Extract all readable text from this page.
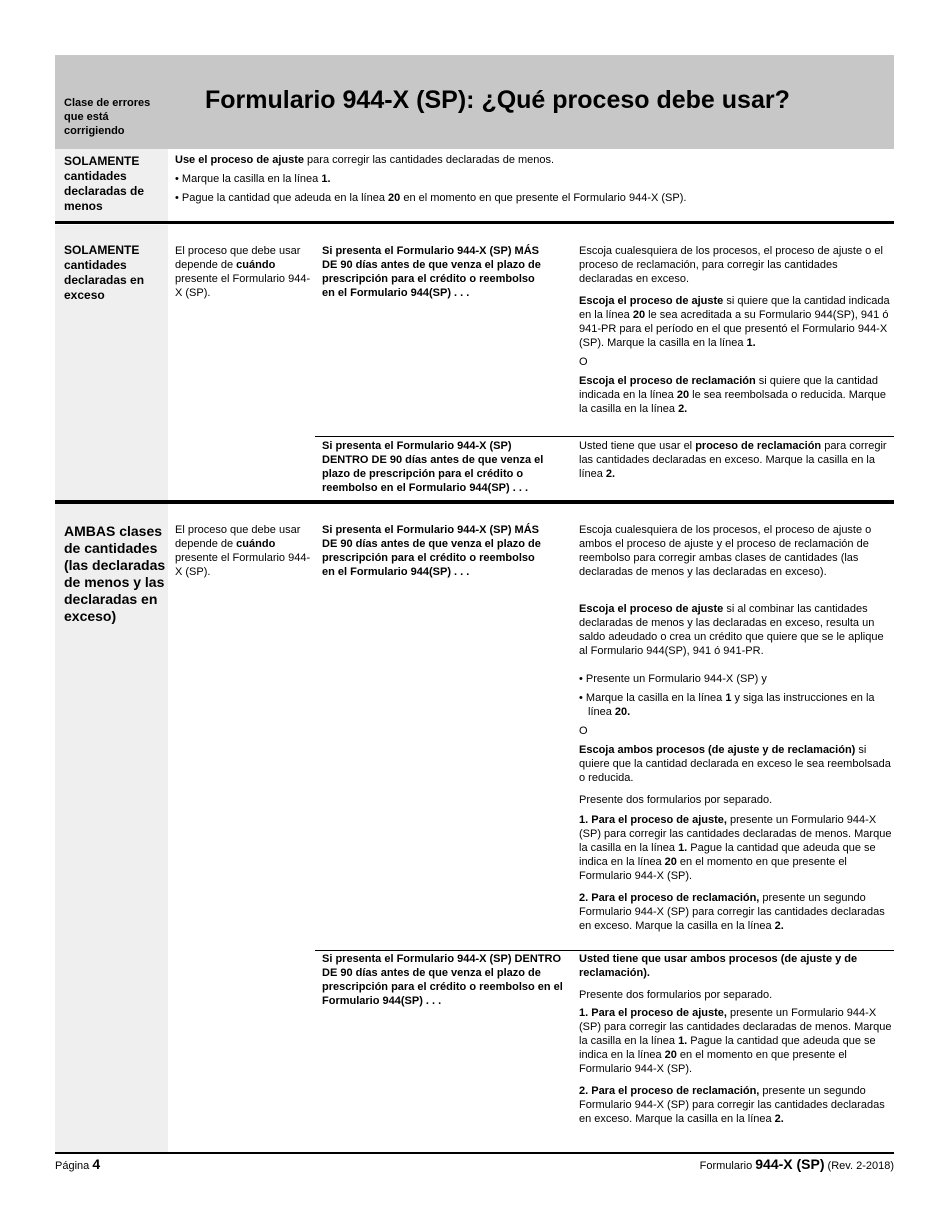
Clase de errores que está corrigiendo
Formulario 944-X (SP): ¿Qué proceso debe usar?
SOLAMENTE cantidades declaradas de menos

Use el proceso de ajuste para corregir las cantidades declaradas de menos.

• Marque la casilla en la línea 1.

• Pague la cantidad que adeuda en la línea 20 en el momento en que presente el Formulario 944-X (SP).

SOLAMENTE cantidades declaradas en exceso
El proceso que debe usar depende de cuándo presente el Formulario 944-X (SP).
Si presenta el Formulario 944-X (SP) MÁS DE 90 días antes de que venza el plazo de prescripción para el crédito o reembolso en el Formulario 944(SP) . . .

Escoja cualesquiera de los procesos, el proceso de ajuste o el proceso de reclamación, para corregir las cantidades declaradas en exceso.

Escoja el proceso de ajuste si quiere que la cantidad indicada en la línea 20 le sea acreditada a su Formulario 944(SP), 941 ó 941-PR para el período en el que presentó el Formulario 944-X (SP). Marque la casilla en la línea 1.

O

Escoja el proceso de reclamación si quiere que la cantidad indicada en la línea 20 le sea reembolsada o reducida. Marque la casilla en la línea 2.

Si presenta el Formulario 944-X (SP) DENTRO DE 90 días antes de que venza el plazo de prescripción para el crédito o reembolso en el Formulario 944(SP) . . .
Usted tiene que usar el proceso de reclamación para corregir las cantidades declaradas en exceso. Marque la casilla en la línea 2.
AMBAS clases de cantidades (las declaradas de menos y las declaradas en exceso)
El proceso que debe usar depende de cuándo presente el Formulario 944-X (SP).
Si presenta el Formulario 944-X (SP) MÁS DE 90 días antes de que venza el plazo de prescripción para el crédito o reembolso en el Formulario 944(SP) . . .

Escoja cualesquiera de los procesos, el proceso de ajuste o ambos el proceso de ajuste y el proceso de reclamación de reembolso para corregir ambas clases de cantidades (las declaradas de menos y las declaradas en exceso).

Escoja el proceso de ajuste si al combinar las cantidades declaradas de menos y las declaradas en exceso, resulta un saldo adeudado o crea un crédito que quiere que se le aplique al Formulario 944(SP), 941 ó 941-PR.

• Presente un Formulario 944-X (SP) y

• Marque la casilla en la línea 1 y siga las instrucciones en la línea 20.

O

Escoja ambos procesos (de ajuste y de reclamación) si quiere que la cantidad declarada en exceso le sea reembolsada o reducida.

Presente dos formularios por separado.

1. Para el proceso de ajuste, presente un Formulario 944-X (SP) para corregir las cantidades declaradas de menos. Marque la casilla en la línea 1. Pague la cantidad que adeuda que se indica en la línea 20 en el momento en que presente el Formulario 944-X (SP).

2. Para el proceso de reclamación, presente un segundo Formulario 944-X (SP) para corregir las cantidades declaradas en exceso. Marque la casilla en la línea 2.

Si presenta el Formulario 944-X (SP) DENTRO DE 90 días antes de que venza el plazo de prescripción para el crédito o reembolso en el Formulario 944(SP) . . .

Usted tiene que usar ambos procesos (de ajuste y de reclamación).

Presente dos formularios por separado.

1. Para el proceso de ajuste, presente un Formulario 944-X (SP) para corregir las cantidades declaradas de menos. Marque la casilla en la línea 1. Pague la cantidad que adeuda que se indica en la línea 20 en el momento en que presente el Formulario 944-X (SP).

2. Para el proceso de reclamación, presente un segundo Formulario 944-X (SP) para corregir las cantidades declaradas en exceso. Marque la casilla en la línea 2.

Página 4	Formulario 944-X (SP) (Rev. 2-2018)
